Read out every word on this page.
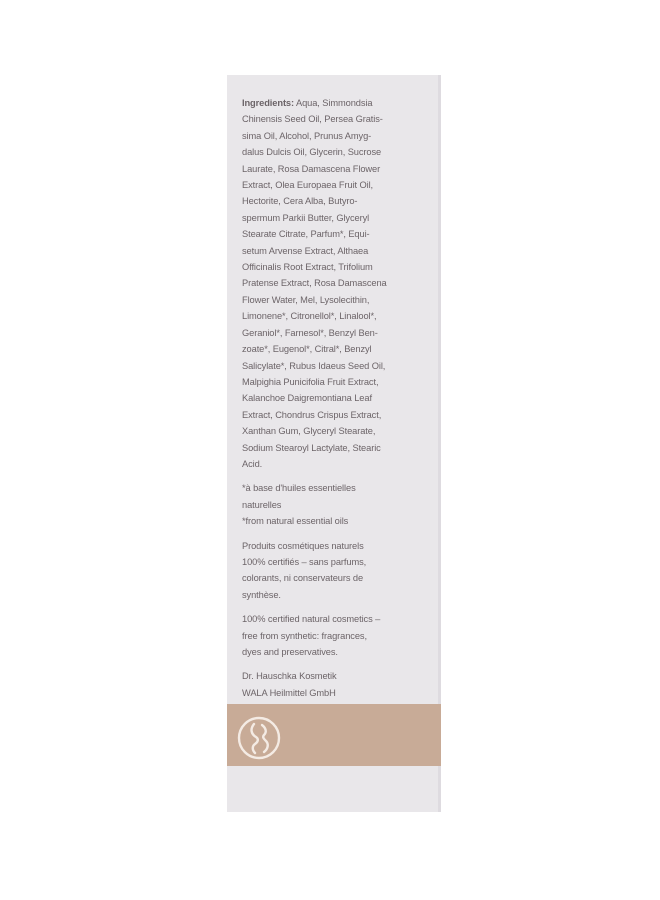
Ingredients: Aqua, Simmondsia
Chinensis Seed Oil, Persea Gratis-
sima Oil, Alcohol, Prunus Amyg-
dalus Dulcis Oil, Glycerin, Sucrose
Laurate, Rosa Damascena Flower
Extract, Olea Europaea Fruit Oil,
Hectorite, Cera Alba, Butyro-
spermum Parkii Butter, Glyceryl
Stearate Citrate, Parfum*, Equi-
setum Arvense Extract, Althaea
Officinalis Root Extract, Trifolium
Pratense Extract, Rosa Damascena
Flower Water, Mel, Lysolecithin,
Limonene*, Citronellol*, Linalool*,
Geraniol*, Farnesol*, Benzyl Ben-
zoate*, Eugenol*, Citral*, Benzyl
Salicylate*, Rubus Idaeus Seed Oil,
Malpighia Punicifolia Fruit Extract,
Kalanchoe Daigremontiana Leaf
Extract, Chondrus Crispus Extract,
Xanthan Gum, Glyceryl Stearate,
Sodium Stearoyl Lactylate, Stearic
Acid.

*à base d'huiles essentielles
naturelles
*from natural essential oils

Produits cosmétiques naturels
100% certifiés – sans parfums,
colorants, ni conservateurs de
synthèse.

100% certified natural cosmetics –
free from synthetic: fragrances,
dyes and preservatives.

Dr. Hauschka Kosmetik
WALA Heilmittel GmbH
